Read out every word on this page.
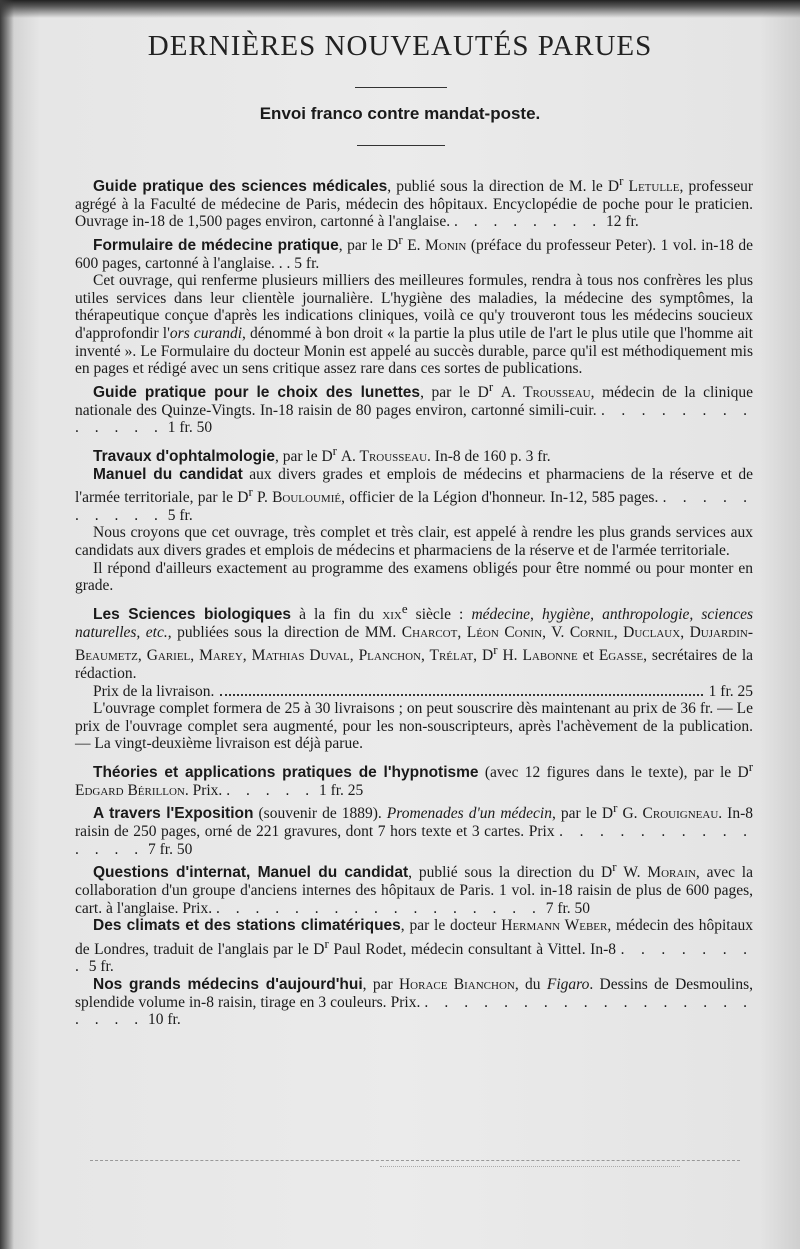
DERNIÈRES NOUVEAUTÉS PARUES
Envoi franco contre mandat-poste.
Guide pratique des sciences médicales, publié sous la direction de M. le $D^r$ Letulle, professeur agrégé à la Faculté de médecine de Paris, médecin des hôpitaux. Encyclopédie de poche pour le praticien. Ouvrage in-18 de 1,500 pages environ, cartonné à l'anglaise. . . . . . . . . 12 fr.
Formulaire de médecine pratique, par le $D^r$ E. Monin (préface du professeur Peter). 1 vol. in-18 de 600 pages, cartonné à l'anglaise. . . 5 fr.

Cet ouvrage, qui renferme plusieurs milliers des meilleures formules, rendra à tous nos confrères les plus utiles services dans leur clientèle journalière. L'hygiène des maladies, la médecine des symptômes, la thérapeutique conçue d'après les indications cliniques, voilà ce qu'y trouveront tous les médecins soucieux d'approfondir l'ors curandi, dénommé à bon droit « la partie la plus utile de l'art le plus utile que l'homme ait inventé ». Le Formulaire du docteur Monin est appelé au succès durable, parce qu'il est méthodiquement mis en pages et rédigé avec un sens critique assez rare dans ces sortes de publications.

Guide pratique pour le choix des lunettes, par le $D^r$ A. Trousseau, médecin de la clinique nationale des Quinze-Vingts. In-18 raisin de 80 pages environ, cartonné simili-cuir. . . . . . . . . . . . . . 1 fr. 50
Travaux d'ophtalmologie, par le $D^r$ A. Trousseau. In-8 de 160 p. 3 fr.
Manuel du candidat aux divers grades et emplois de médecins et pharmaciens de la réserve et de l'armée territoriale, par le $D^r$ P. Bouloumié, officier de la Légion d'honneur. In-12, 585 pages. . . . . . . . . . . 5 fr.

Nous croyons que cet ouvrage, très complet et très clair, est appelé à rendre les plus grands services aux candidats aux divers grades et emplois de médecins et pharmaciens de la réserve et de l'armée territoriale.

Il répond d'ailleurs exactement au programme des examens obligés pour être nommé ou pour monter en grade.

Les Sciences biologiques à la fin du xix$^e$ siècle : médecine, hygiène, anthropologie, sciences naturelles, etc., publiées sous la direction de MM. Charcot, Léon Conin, V. Cornil, Duclaux, Dujardin-Beaumetz, Gariel, Marey, Mathias Duval, Planchon, Trélat, $D^r$ H. Labonne et Egasse, secrétaires de la rédaction.
Prix de la livraison.	1 fr. 25

L'ouvrage complet formera de 25 à 30 livraisons ; on peut souscrire dès maintenant au prix de 36 fr. — Le prix de l'ouvrage complet sera augmenté, pour les non-souscripteurs, après l'achèvement de la publication. — La vingt-deuxième livraison est déjà parue.

Théories et applications pratiques de l'hypnotisme (avec 12 figures dans le texte), par le $D^r$ Edgard Bérillon. Prix. . . . . . 1 fr. 25
A travers l'Exposition (souvenir de 1889). Promenades d'un médecin, par le $D^r$ G. Crouigneau. In-8 raisin de 250 pages, orné de 221 gravures, dont 7 hors texte et 3 cartes. Prix . . . . . . . . . . . . . . 7 fr. 50
Questions d'internat, Manuel du candidat, publié sous la direction du $D^r$ W. Morain, avec la collaboration d'un groupe d'anciens internes des hôpitaux de Paris. 1 vol. in-18 raisin de plus de 600 pages, cart. à l'anglaise. Prix. . . . . . . . . . . . . . . . . . 7 fr. 50
Des climats et des stations climatériques, par le docteur Hermann Weber, médecin des hôpitaux de Londres, traduit de l'anglais par le $D^r$ Paul Rodet, médecin consultant à Vittel. In-8 . . . . . . . . 5 fr.
Nos grands médecins d'aujourd'hui, par Horace Bianchon, du Figaro. Dessins de Desmoulins, splendide volume in-8 raisin, tirage en 3 couleurs. Prix. . . . . . . . . . . . . . . . . . . . . . 10 fr.
